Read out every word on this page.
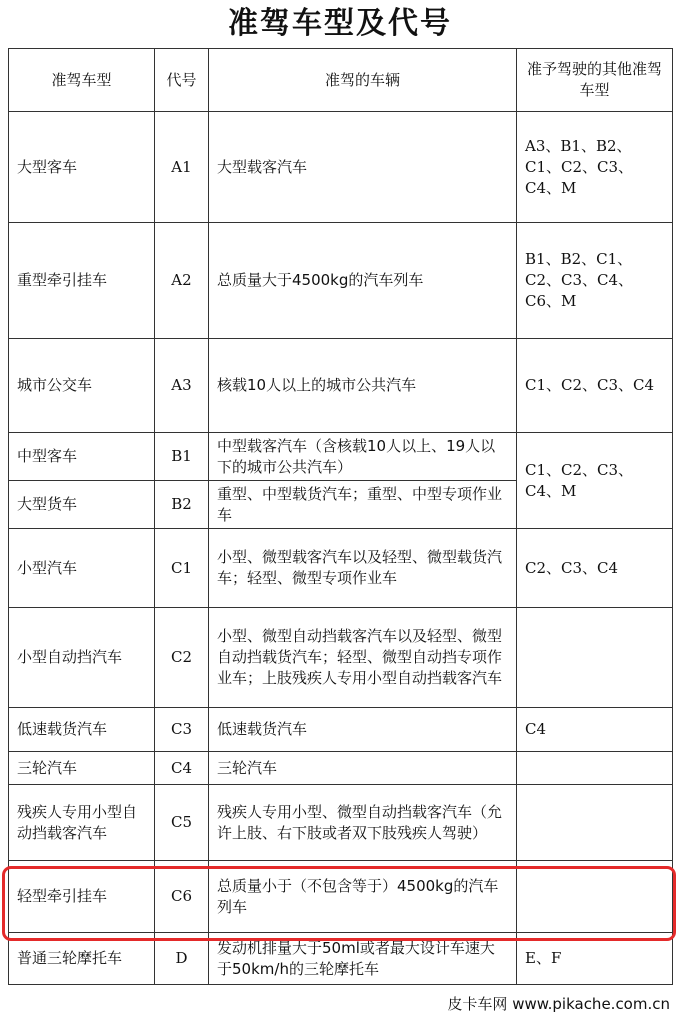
准驾车型及代号
准驾车型	代号	准驾的车辆	准予驾驶的其他准驾车型
大型客车	A1	大型载客汽车	A3、B1、B2、C1、C2、C3、C4、M
重型牵引挂车	A2	总质量大于4500kg的汽车列车	B1、B2、C1、C2、C3、C4、C6、M
城市公交车	A3	核载10人以上的城市公共汽车	C1、C2、C3、C4
中型客车	B1	中型载客汽车（含核载10人以上、19人以下的城市公共汽车）	C1、C2、C3、C4、M
大型货车	B2	重型、中型载货汽车；重型、中型专项作业车	
小型汽车	C1	小型、微型载客汽车以及轻型、微型载货汽车；轻型、微型专项作业车	C2、C3、C4
小型自动挡汽车	C2	小型、微型自动挡载客汽车以及轻型、微型自动挡载货汽车；轻型、微型自动挡专项作业车；上肢残疾人专用小型自动挡载客汽车	
低速载货汽车	C3	低速载货汽车	C4
三轮汽车	C4	三轮汽车	
残疾人专用小型自动挡载客汽车	C5	残疾人专用小型、微型自动挡载客汽车（允许上肢、右下肢或者双下肢残疾人驾驶）	
轻型牵引挂车	C6	总质量小于（不包含等于）4500kg的汽车列车	
普通三轮摩托车	D	发动机排量大于50ml或者最大设计车速大于50km/h的三轮摩托车	E、F
皮卡车网 www.pikache.com.cn
